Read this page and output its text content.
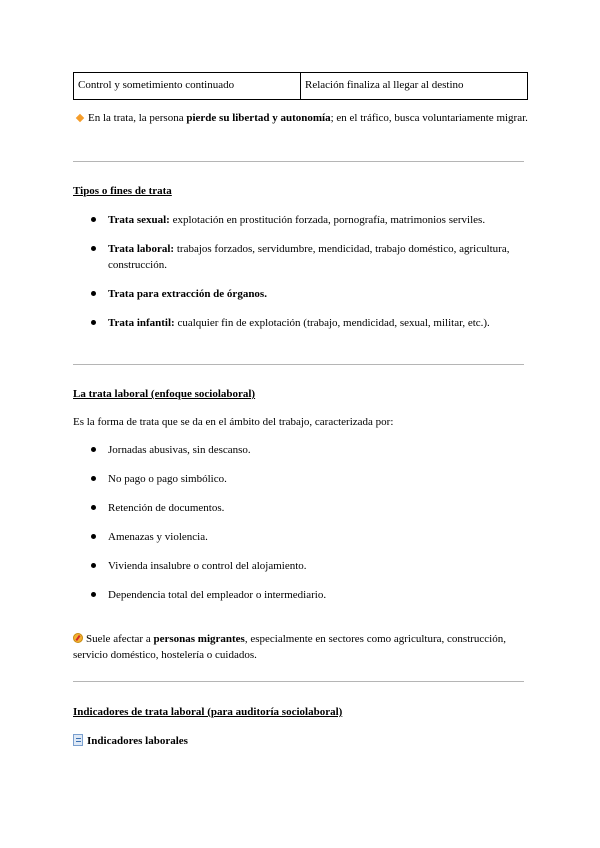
Control y sometimiento continuado	Relación finaliza al llegar al destino
En la trata, la persona pierde su libertad y autonomía; en el tráfico, busca voluntariamente migrar.
Tipos o fines de trata
Trata sexual: explotación en prostitución forzada, pornografía, matrimonios serviles.
Trata laboral: trabajos forzados, servidumbre, mendicidad, trabajo doméstico, agricultura, construcción.
Trata para extracción de órganos.
Trata infantil: cualquier fin de explotación (trabajo, mendicidad, sexual, militar, etc.).
La trata laboral (enfoque sociolaboral)
Es la forma de trata que se da en el ámbito del trabajo, caracterizada por:
Jornadas abusivas, sin descanso.
No pago o pago simbólico.
Retención de documentos.
Amenazas y violencia.
Vivienda insalubre o control del alojamiento.
Dependencia total del empleador o intermediario.
Suele afectar a personas migrantes, especialmente en sectores como agricultura, construcción, servicio doméstico, hostelería o cuidados.
Indicadores de trata laboral (para auditoría sociolaboral)
Indicadores laborales
